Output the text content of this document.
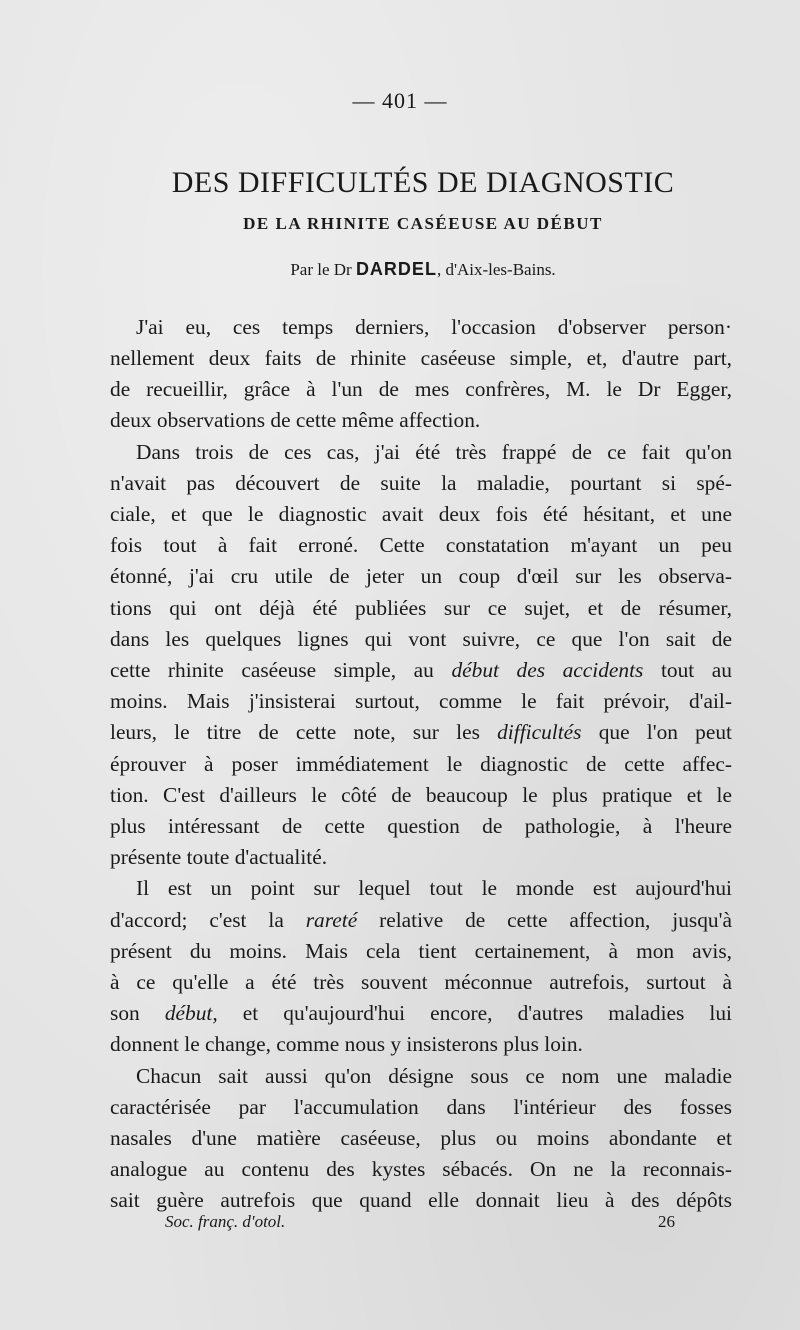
— 401 —
DES DIFFICULTÉS DE DIAGNOSTIC
DE LA RHINITE CASÉEUSE AU DÉBUT
Par le Dr DARDEL, d'Aix-les-Bains.
J'ai eu, ces temps derniers, l'occasion d'observer person·
nellement deux faits de rhinite caséeuse simple, et, d'autre part,
de recueillir, grâce à l'un de mes confrères, M. le Dr Egger,
deux observations de cette même affection.
Dans trois de ces cas, j'ai été très frappé de ce fait qu'on
n'avait pas découvert de suite la maladie, pourtant si spé-
ciale, et que le diagnostic avait deux fois été hésitant, et une
fois tout à fait erroné. Cette constatation m'ayant un peu
étonné, j'ai cru utile de jeter un coup d'œil sur les observa-
tions qui ont déjà été publiées sur ce sujet, et de résumer,
dans les quelques lignes qui vont suivre, ce que l'on sait de
cette rhinite caséeuse simple, au début des accidents tout au
moins. Mais j'insisterai surtout, comme le fait prévoir, d'ail-
leurs, le titre de cette note, sur les difficultés que l'on peut
éprouver à poser immédiatement le diagnostic de cette affec-
tion. C'est d'ailleurs le côté de beaucoup le plus pratique et le
plus intéressant de cette question de pathologie, à l'heure
présente toute d'actualité.
Il est un point sur lequel tout le monde est aujourd'hui
d'accord; c'est la rareté relative de cette affection, jusqu'à
présent du moins. Mais cela tient certainement, à mon avis,
à ce qu'elle a été très souvent méconnue autrefois, surtout à
son début, et qu'aujourd'hui encore, d'autres maladies lui
donnent le change, comme nous y insisterons plus loin.
Chacun sait aussi qu'on désigne sous ce nom une maladie
caractérisée par l'accumulation dans l'intérieur des fosses
nasales d'une matière caséeuse, plus ou moins abondante et
analogue au contenu des kystes sébacés. On ne la reconnais-
sait guère autrefois que quand elle donnait lieu à des dépôts
Soc. franç. d'otol.	26
